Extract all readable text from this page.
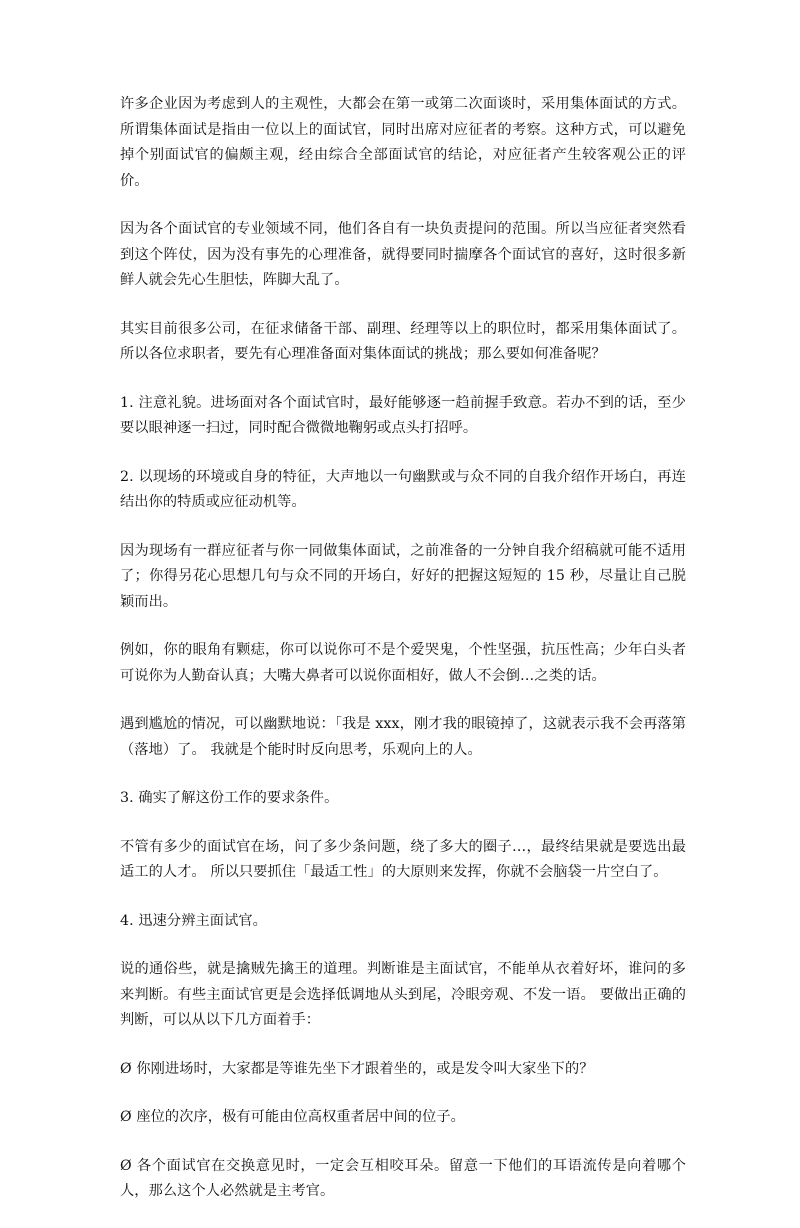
许多企业因为考虑到人的主观性，大都会在第一或第二次面谈时，采用集体面试的方式。所谓集体面试是指由一位以上的面试官，同时出席对应征者的考察。这种方式，可以避免掉个别面试官的偏颇主观，经由综合全部面试官的结论，对应征者产生较客观公正的评价。

因为各个面试官的专业领域不同，他们各自有一块负责提问的范围。所以当应征者突然看到这个阵仗，因为没有事先的心理准备，就得要同时揣摩各个面试官的喜好，这时很多新鲜人就会先心生胆怯，阵脚大乱了。

其实目前很多公司，在征求储备干部、副理、经理等以上的职位时，都采用集体面试了。所以各位求职者，要先有心理准备面对集体面试的挑战；那么要如何准备呢？

1. 注意礼貌。进场面对各个面试官时，最好能够逐一趋前握手致意。若办不到的话，至少要以眼神逐一扫过，同时配合微微地鞠躬或点头打招呼。

2. 以现场的环境或自身的特征，大声地以一句幽默或与众不同的自我介绍作开场白，再连结出你的特质或应征动机等。

因为现场有一群应征者与你一同做集体面试，之前准备的一分钟自我介绍稿就可能不适用了；你得另花心思想几句与众不同的开场白，好好的把握这短短的 15 秒，尽量让自己脱颖而出。

例如，你的眼角有颗痣，你可以说你可不是个爱哭鬼，个性坚强，抗压性高；少年白头者可说你为人勤奋认真；大嘴大鼻者可以说你面相好，做人不会倒…之类的话。

遇到尴尬的情况，可以幽默地说：「我是 xxx，刚才我的眼镜掉了，这就表示我不会再落第（落地）了。 我就是个能时时反向思考，乐观向上的人。

3. 确实了解这份工作的要求条件。

不管有多少的面试官在场，问了多少条问题，绕了多大的圈子…，最终结果就是要选出最适工的人才。 所以只要抓住「最适工性」的大原则来发挥，你就不会脑袋一片空白了。

4. 迅速分辨主面试官。

说的通俗些，就是擒贼先擒王的道理。判断谁是主面试官，不能单从衣着好坏，谁问的多来判断。有些主面试官更是会选择低调地从头到尾，冷眼旁观、不发一语。 要做出正确的判断，可以从以下几方面着手：

Ø 你刚进场时，大家都是等谁先坐下才跟着坐的，或是发令叫大家坐下的？

Ø 座位的次序，极有可能由位高权重者居中间的位子。

Ø 各个面试官在交换意见时，一定会互相咬耳朵。留意一下他们的耳语流传是向着哪个人，那么这个人必然就是主考官。
